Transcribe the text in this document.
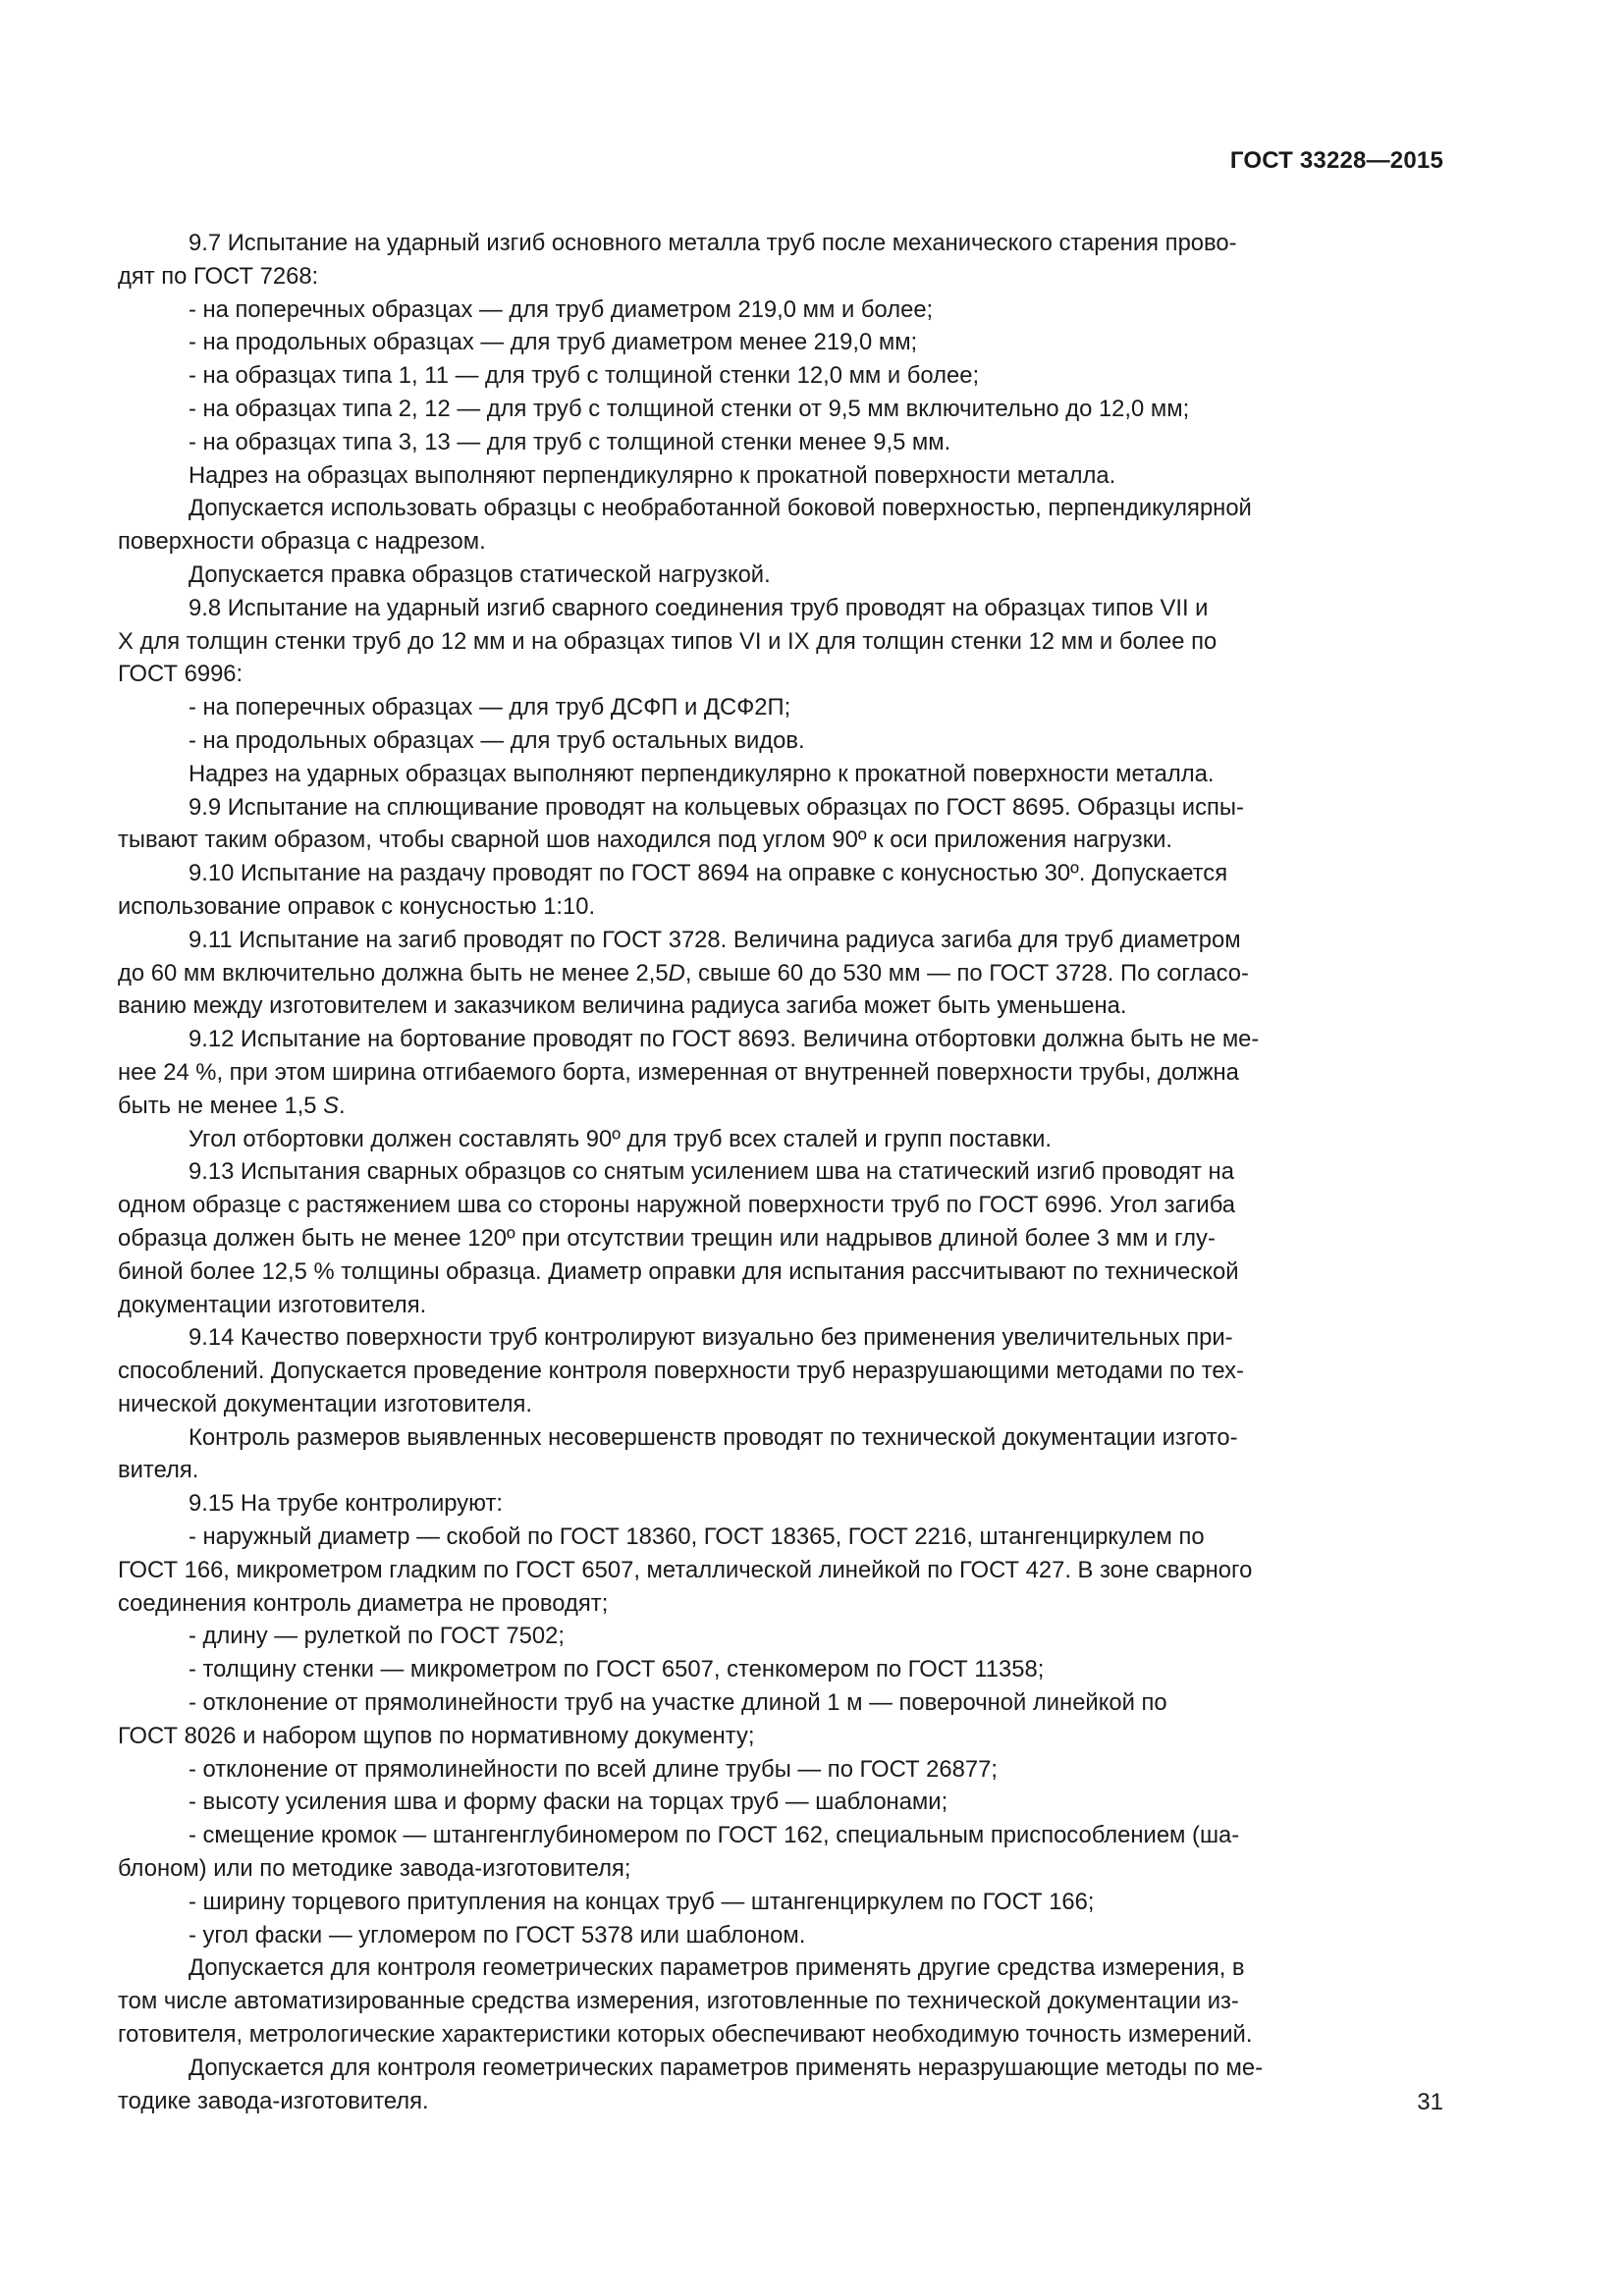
ГОСТ 33228—2015

9.7 Испытание на ударный изгиб основного металла труб после механического старения прово-
дят по ГОСТ 7268:

- на поперечных образцах — для труб диаметром 219,0 мм и более;

- на продольных образцах — для труб диаметром менее 219,0 мм;

- на образцах типа 1, 11 — для труб с толщиной стенки 12,0 мм и более;

- на образцах типа 2, 12 — для труб с толщиной стенки от 9,5 мм включительно до 12,0 мм;

- на образцах типа 3, 13 — для труб с толщиной стенки менее 9,5 мм.

Надрез на образцах выполняют перпендикулярно к прокатной поверхности металла.

Допускается использовать образцы с необработанной боковой поверхностью, перпендикулярной
поверхности образца с надрезом.

Допускается правка образцов статической нагрузкой.

9.8 Испытание на ударный изгиб сварного соединения труб проводят на образцах типов VII и
X для толщин стенки труб до 12 мм и на образцах типов VI и IX для толщин стенки 12 мм и более по
ГОСТ 6996:

- на поперечных образцах — для труб ДСФП и ДСФ2П;

- на продольных образцах — для труб остальных видов.

Надрез на ударных образцах выполняют перпендикулярно к прокатной поверхности металла.

9.9 Испытание на сплющивание проводят на кольцевых образцах по ГОСТ 8695. Образцы испы-
тывают таким образом, чтобы сварной шов находился под углом 90º к оси приложения нагрузки.

9.10 Испытание на раздачу проводят по ГОСТ 8694 на оправке с конусностью 30º. Допускается
использование оправок с конусностью 1:10.

9.11 Испытание на загиб проводят по ГОСТ 3728. Величина радиуса загиба для труб диаметром
до 60 мм включительно должна быть не менее 2,5D, свыше 60 до 530 мм — по ГОСТ 3728. По согласо-
ванию между изготовителем и заказчиком величина радиуса загиба может быть уменьшена.

9.12 Испытание на бортование проводят по ГОСТ 8693. Величина отбортовки должна быть не ме-
нее 24 %, при этом ширина отгибаемого борта, измеренная от внутренней поверхности трубы, должна
быть не менее 1,5 S.

Угол отбортовки должен составлять 90º для труб всех сталей и групп поставки.

9.13 Испытания сварных образцов со снятым усилением шва на статический изгиб проводят на
одном образце с растяжением шва со стороны наружной поверхности труб по ГОСТ 6996. Угол загиба
образца должен быть не менее 120º при отсутствии трещин или надрывов длиной более 3 мм и глу-
биной более 12,5 % толщины образца. Диаметр оправки для испытания рассчитывают по технической
документации изготовителя.

9.14 Качество поверхности труб контролируют визуально без применения увеличительных при-
способлений. Допускается проведение контроля поверхности труб неразрушающими методами по тех-
нической документации изготовителя.

Контроль размеров выявленных несовершенств проводят по технической документации изгото-
вителя.

9.15 На трубе контролируют:

- наружный диаметр — скобой по ГОСТ 18360, ГОСТ 18365, ГОСТ 2216, штангенциркулем по
ГОСТ 166, микрометром гладким по ГОСТ 6507, металлической линейкой по ГОСТ 427. В зоне сварного
соединения контроль диаметра не проводят;

- длину — рулеткой по ГОСТ 7502;

- толщину стенки — микрометром по ГОСТ 6507, стенкомером по ГОСТ 11358;

- отклонение от прямолинейности труб на участке длиной 1 м — поверочной линейкой по
ГОСТ 8026 и набором щупов по нормативному документу;

- отклонение от прямолинейности по всей длине трубы — по ГОСТ 26877;

- высоту усиления шва и форму фаски на торцах труб — шаблонами;

- смещение кромок — штангенглубиномером по ГОСТ 162, специальным приспособлением (ша-
блоном) или по методике завода-изготовителя;

- ширину торцевого притупления на концах труб — штангенциркулем по ГОСТ 166;

- угол фаски — угломером по ГОСТ 5378 или шаблоном.

Допускается для контроля геометрических параметров применять другие средства измерения, в
том числе автоматизированные средства измерения, изготовленные по технической документации из-
готовителя, метрологические характеристики которых обеспечивают необходимую точность измерений.

Допускается для контроля геометрических параметров применять неразрушающие методы по ме-
тодике завода-изготовителя.	31
